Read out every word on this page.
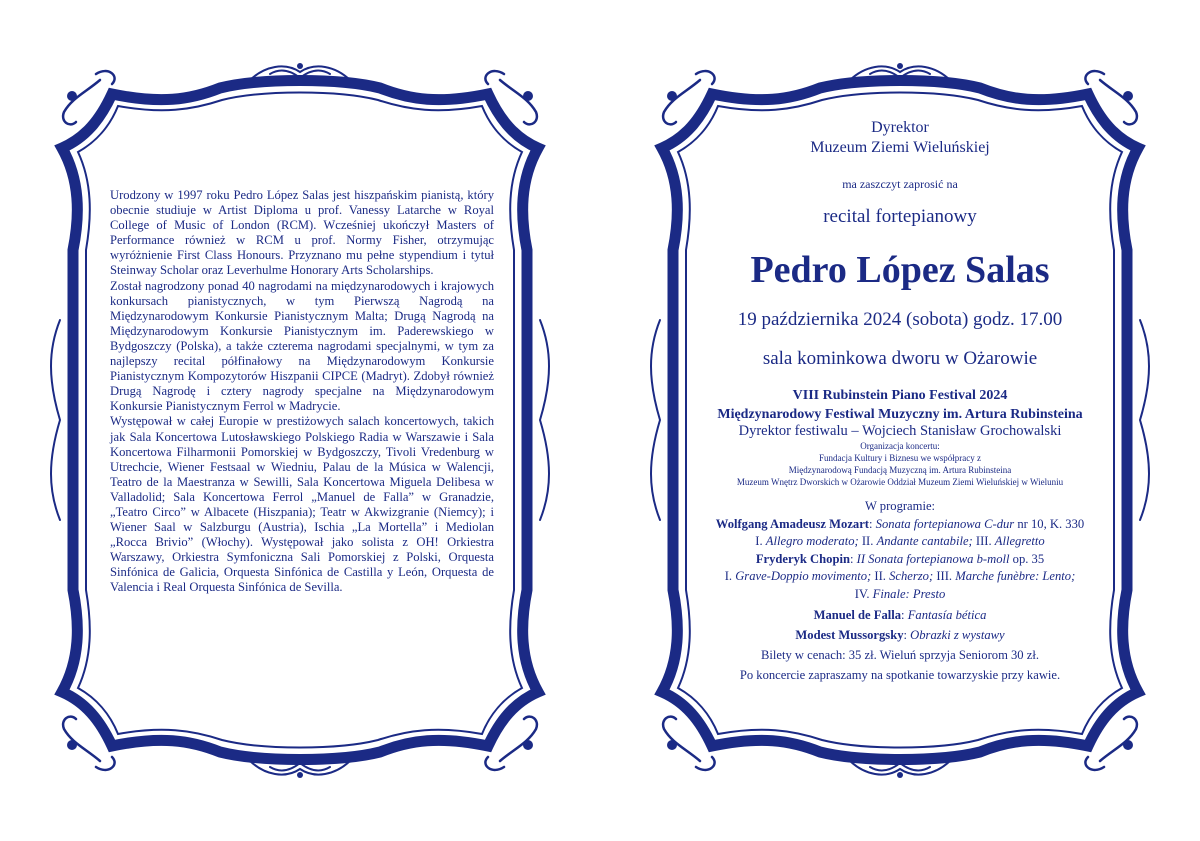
Urodzony w 1997 roku Pedro López Salas jest hiszpańskim pianistą, który obecnie studiuje w Artist Diploma u prof. Vanessy Latarche w Royal College of Music of London (RCM). Wcześniej ukończył Masters of Performance również w RCM u prof. Normy Fisher, otrzymując wyróżnienie First Class Honours. Przyznano mu pełne stypendium i tytuł Steinway Scholar oraz Leverhulme Honorary Arts Scholarships.

Został nagrodzony ponad 40 nagrodami na międzynarodowych i krajowych konkursach pianistycznych, w tym Pierwszą Nagrodą na Międzynarodowym Konkursie Pianistycznym Malta; Drugą Nagrodą na Międzynarodowym Konkursie Pianistycznym im. Paderewskiego w Bydgoszczy (Polska), a także czterema nagrodami specjalnymi, w tym za najlepszy recital półfinałowy na Międzynarodowym Konkursie Pianistycznym Kompozytorów Hiszpanii CIPCE (Madryt). Zdobył również Drugą Nagrodę i cztery nagrody specjalne na Międzynarodowym Konkursie Pianistycznym Ferrol w Madrycie.

Występował w całej Europie w prestiżowych salach koncertowych, takich jak Sala Koncertowa Lutosławskiego Polskiego Radia w Warszawie i Sala Koncertowa Filharmonii Pomorskiej w Bydgoszczy, Tivoli Vredenburg w Utrechcie, Wiener Festsaal w Wiedniu, Palau de la Música w Walencji, Teatro de la Maestranza w Sewilli, Sala Koncertowa Miguela Delibesa w Valladolid; Sala Koncertowa Ferrol „Manuel de Falla” w Granadzie, „Teatro Circo” w Albacete (Hiszpania); Teatr w Akwizgranie (Niemcy); i Wiener Saal w Salzburgu (Austria), Ischia „La Mortella” i Mediolan „Rocca Brivio” (Włochy). Występował jako solista z OH! Orkiestra Warszawy, Orkiestra Symfoniczna Sali Pomorskiej z Polski, Orquesta Sinfónica de Galicia, Orquesta Sinfónica de Castilla y León, Orquesta de Valencia i Real Orquesta Sinfónica de Sevilla.

Dyrektor

Muzeum Ziemi Wieluńskiej

ma zaszczyt zaprosić na

recital fortepianowy

Pedro López Salas

19 października 2024 (sobota) godz. 17.00

sala kominkowa dworu w Ożarowie

VIII Rubinstein Piano Festival 2024

Międzynarodowy Festiwal Muzyczny im. Artura Rubinsteina

Dyrektor festiwalu – Wojciech Stanisław Grochowalski

Organizacja koncertu:

Fundacja Kultury i Biznesu we współpracy z

Międzynarodową Fundacją Muzyczną im. Artura Rubinsteina

Muzeum Wnętrz Dworskich w Ożarowie Oddział Muzeum Ziemi Wieluńskiej w Wieluniu

W programie:

Wolfgang Amadeusz Mozart: Sonata fortepianowa C-dur nr 10, K. 330

I. Allegro moderato; II. Andante cantabile; III. Allegretto

Fryderyk Chopin: II Sonata fortepianowa b-moll op. 35

I. Grave-Doppio movimento; II. Scherzo; III. Marche funèbre: Lento;

IV. Finale: Presto

Manuel de Falla: Fantasía bética

Modest Mussorgsky: Obrazki z wystawy

Bilety w cenach: 35 zł. Wieluń sprzyja Seniorom 30 zł.

Po koncercie zapraszamy na spotkanie towarzyskie przy kawie.
